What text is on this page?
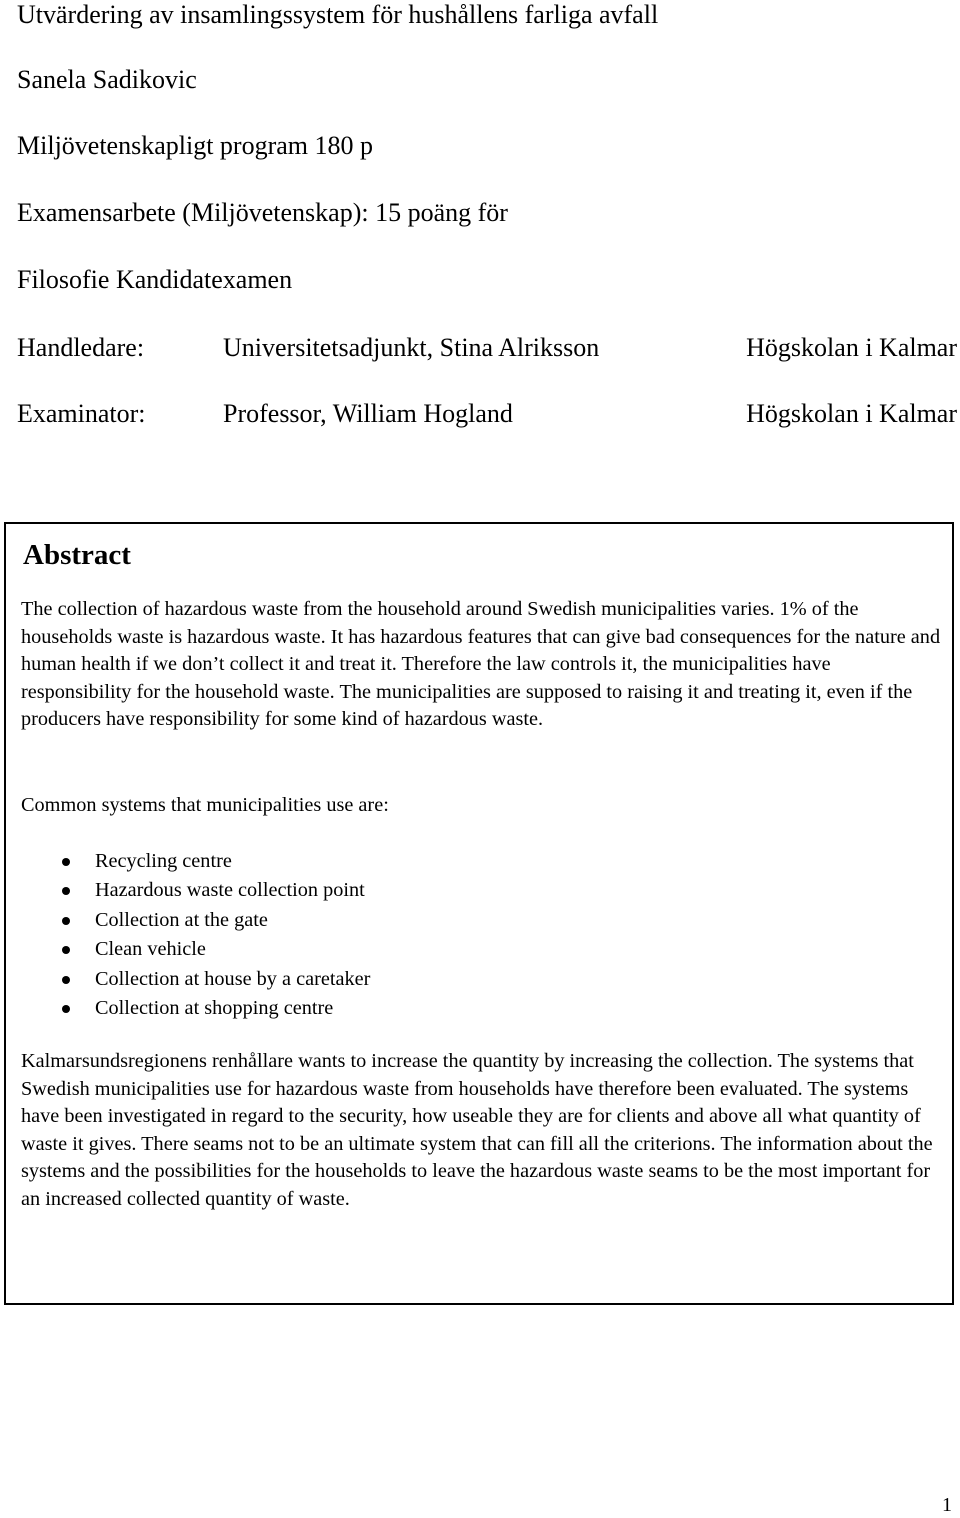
Utvärdering av insamlingssystem för hushållens farliga avfall
Sanela Sadikovic
Miljövetenskapligt program 180 p
Examensarbete (Miljövetenskap): 15 poäng för
Filosofie Kandidatexamen
Handledare:	Universitetsadjunkt, Stina Alriksson	Högskolan i Kalmar
Examinator:	Professor, William Hogland	Högskolan i Kalmar
Abstract

The collection of hazardous waste from the household around Swedish municipalities varies. 1% of the households waste is hazardous waste. It has hazardous features that can give bad consequences for the nature and human health if we don’t collect it and treat it. Therefore the law controls it, the municipalities have responsibility for the household waste. The municipalities are supposed to raising it and treating it, even if the producers have responsibility for some kind of hazardous waste.

Common systems that municipalities use are:

Recycling centre
Hazardous waste collection point
Collection at the gate
Clean vehicle
Collection at house by a caretaker
Collection at shopping centre

Kalmarsundsregionens renhållare wants to increase the quantity by increasing the collection. The systems that Swedish municipalities use for hazardous waste from households have therefore been evaluated. The systems have been investigated in regard to the security, how useable they are for clients and above all what quantity of waste it gives. There seams not to be an ultimate system that can fill all the criterions. The information about the systems and the possibilities for the households to leave the hazardous waste seams to be the most important for an increased collected quantity of waste.

1
